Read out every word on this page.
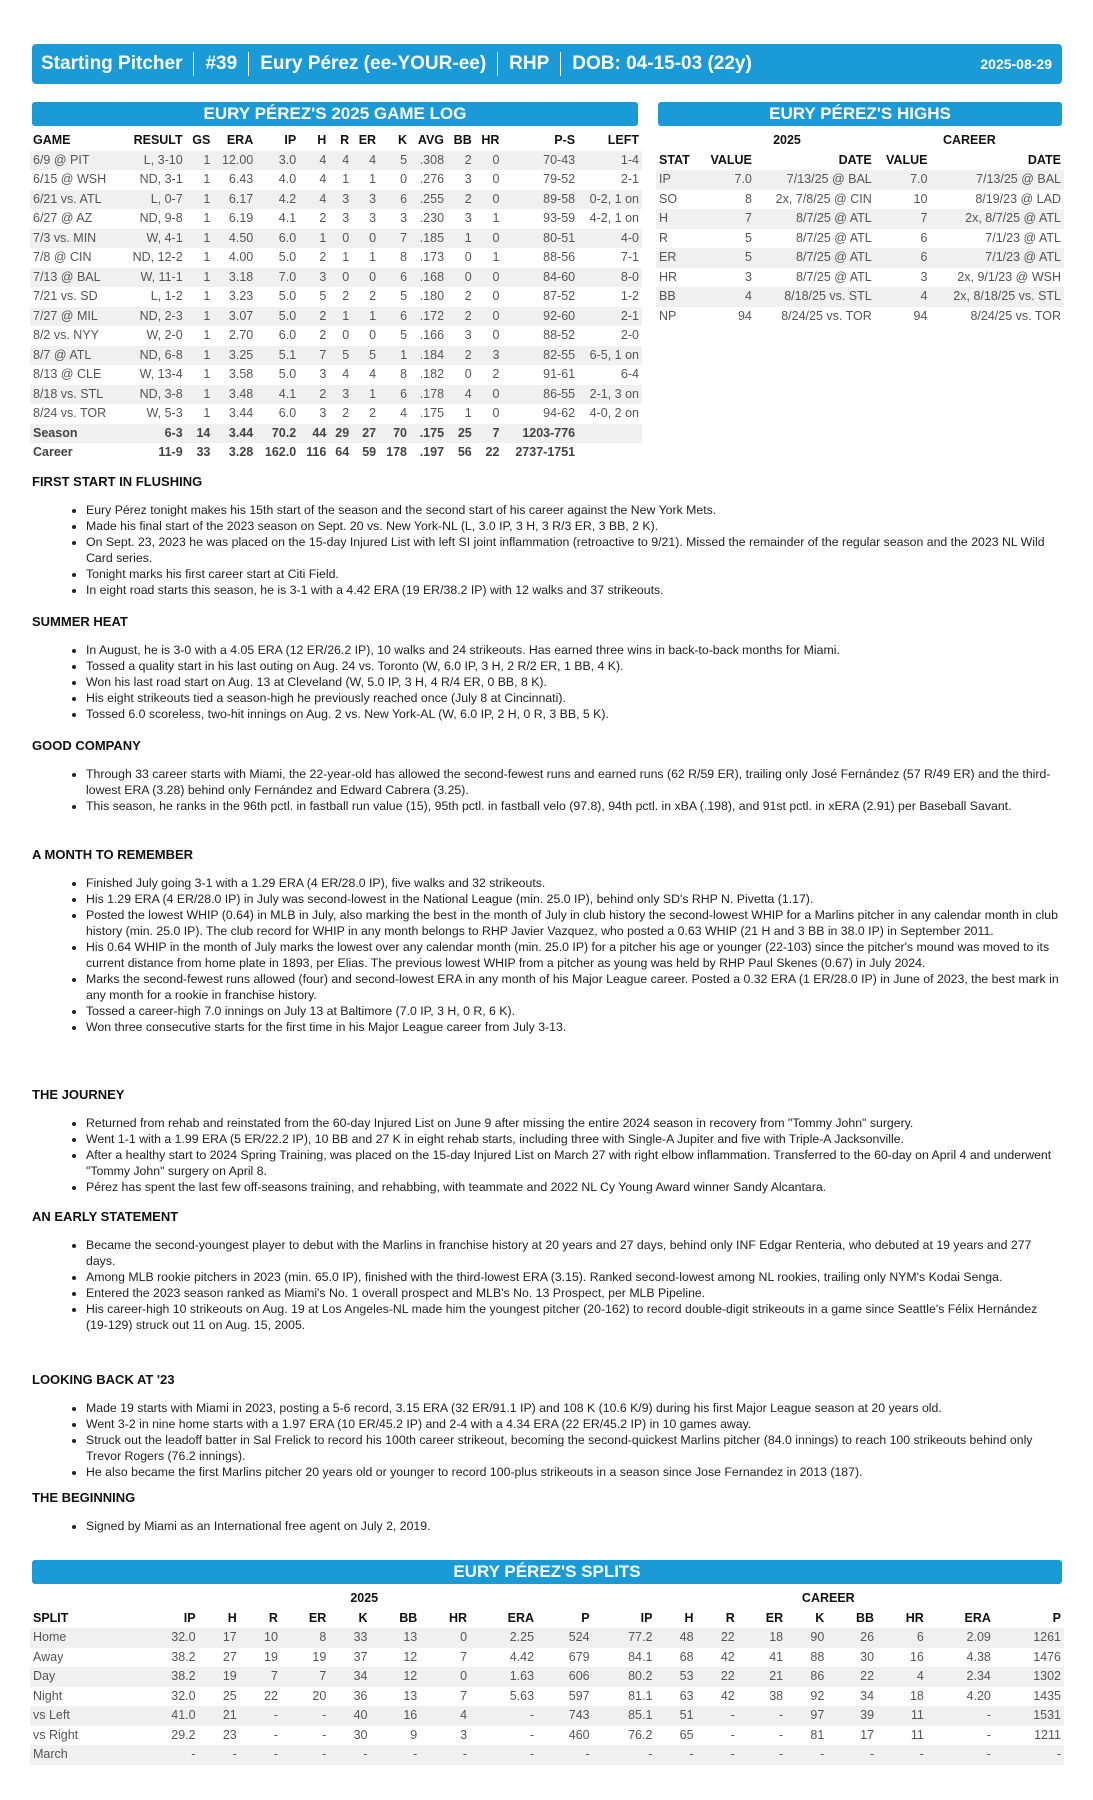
Starting Pitcher #39 Eury Pérez (ee-YOUR-ee) RHP DOB: 04-15-03 (22y)	2025-08-29
EURY PÉREZ'S 2025 GAME LOG
GAME	RESULT	GS	ERA	IP	H	R	ER	K	AVG	BB	HR	P-S	LEFT
6/9 @ PIT	L, 3-10	1	12.00	3.0	4	4	4	5	.308	2	0	70-43	1-4
6/15 @ WSH	ND, 3-1	1	6.43	4.0	4	1	1	0	.276	3	0	79-52	2-1
6/21 vs. ATL	L, 0-7	1	6.17	4.2	4	3	3	6	.255	2	0	89-58	0-2, 1 on
6/27 @ AZ	ND, 9-8	1	6.19	4.1	2	3	3	3	.230	3	1	93-59	4-2, 1 on
7/3 vs. MIN	W, 4-1	1	4.50	6.0	1	0	0	7	.185	1	0	80-51	4-0
7/8 @ CIN	ND, 12-2	1	4.00	5.0	2	1	1	8	.173	0	1	88-56	7-1
7/13 @ BAL	W, 11-1	1	3.18	7.0	3	0	0	6	.168	0	0	84-60	8-0
7/21 vs. SD	L, 1-2	1	3.23	5.0	5	2	2	5	.180	2	0	87-52	1-2
7/27 @ MIL	ND, 2-3	1	3.07	5.0	2	1	1	6	.172	2	0	92-60	2-1
8/2 vs. NYY	W, 2-0	1	2.70	6.0	2	0	0	5	.166	3	0	88-52	2-0
8/7 @ ATL	ND, 6-8	1	3.25	5.1	7	5	5	1	.184	2	3	82-55	6-5, 1 on
8/13 @ CLE	W, 13-4	1	3.58	5.0	3	4	4	8	.182	0	2	91-61	6-4
8/18 vs. STL	ND, 3-8	1	3.48	4.1	2	3	1	6	.178	4	0	86-55	2-1, 3 on
8/24 vs. TOR	W, 5-3	1	3.44	6.0	3	2	2	4	.175	1	0	94-62	4-0, 2 on
Season	6-3	14	3.44	70.2	44	29	27	70	.175	25	7	1203-776	
Career	11-9	33	3.28	162.0	116	64	59	178	.197	56	22	2737-1751	
EURY PÉREZ'S HIGHS
	2025		CAREER	
STAT	VALUE	DATE	VALUE	DATE
IP	7.0	7/13/25 @ BAL	7.0	7/13/25 @ BAL
SO	8	2x, 7/8/25 @ CIN	10	8/19/23 @ LAD
H	7	8/7/25 @ ATL	7	2x, 8/7/25 @ ATL
R	5	8/7/25 @ ATL	6	7/1/23 @ ATL
ER	5	8/7/25 @ ATL	6	7/1/23 @ ATL
HR	3	8/7/25 @ ATL	3	2x, 9/1/23 @ WSH
BB	4	8/18/25 vs. STL	4	2x, 8/18/25 vs. STL
NP	94	8/24/25 vs. TOR	94	8/24/25 vs. TOR
FIRST START IN FLUSHING
• Eury Pérez tonight makes his 15th start of the season and the second start of his career against the New York Mets.
• Made his final start of the 2023 season on Sept. 20 vs. New York-NL (L, 3.0 IP, 3 H, 3 R/3 ER, 3 BB, 2 K).
• On Sept. 23, 2023 he was placed on the 15-day Injured List with left SI joint inflammation (retroactive to 9/21). Missed the remainder of the regular season and the 2023 NL Wild Card series.
• Tonight marks his first career start at Citi Field.
• In eight road starts this season, he is 3-1 with a 4.42 ERA (19 ER/38.2 IP) with 12 walks and 37 strikeouts.
SUMMER HEAT
• In August, he is 3-0 with a 4.05 ERA (12 ER/26.2 IP), 10 walks and 24 strikeouts. Has earned three wins in back-to-back months for Miami.
• Tossed a quality start in his last outing on Aug. 24 vs. Toronto (W, 6.0 IP, 3 H, 2 R/2 ER, 1 BB, 4 K).
• Won his last road start on Aug. 13 at Cleveland (W, 5.0 IP, 3 H, 4 R/4 ER, 0 BB, 8 K).
• His eight strikeouts tied a season-high he previously reached once (July 8 at Cincinnati).
• Tossed 6.0 scoreless, two-hit innings on Aug. 2 vs. New York-AL (W, 6.0 IP, 2 H, 0 R, 3 BB, 5 K).
GOOD COMPANY
• Through 33 career starts with Miami, the 22-year-old has allowed the second-fewest runs and earned runs (62 R/59 ER), trailing only José Fernández (57 R/49 ER) and the third-lowest ERA (3.28) behind only Fernández and Edward Cabrera (3.25).
• This season, he ranks in the 96th pctl. in fastball run value (15), 95th pctl. in fastball velo (97.8), 94th pctl. in xBA (.198), and 91st pctl. in xERA (2.91) per Baseball Savant.
A MONTH TO REMEMBER
• Finished July going 3-1 with a 1.29 ERA (4 ER/28.0 IP), five walks and 32 strikeouts.
• His 1.29 ERA (4 ER/28.0 IP) in July was second-lowest in the National League (min. 25.0 IP), behind only SD's RHP N. Pivetta (1.17).
• Posted the lowest WHIP (0.64) in MLB in July, also marking the best in the month of July in club history the second-lowest WHIP for a Marlins pitcher in any calendar month in club history (min. 25.0 IP). The club record for WHIP in any month belongs to RHP Javier Vazquez, who posted a 0.63 WHIP (21 H and 3 BB in 38.0 IP) in September 2011.
• His 0.64 WHIP in the month of July marks the lowest over any calendar month (min. 25.0 IP) for a pitcher his age or younger (22-103) since the pitcher's mound was moved to its current distance from home plate in 1893, per Elias. The previous lowest WHIP from a pitcher as young was held by RHP Paul Skenes (0.67) in July 2024.
• Marks the second-fewest runs allowed (four) and second-lowest ERA in any month of his Major League career. Posted a 0.32 ERA (1 ER/28.0 IP) in June of 2023, the best mark in any month for a rookie in franchise history.
• Tossed a career-high 7.0 innings on July 13 at Baltimore (7.0 IP, 3 H, 0 R, 6 K).
• Won three consecutive starts for the first time in his Major League career from July 3-13.
THE JOURNEY
• Returned from rehab and reinstated from the 60-day Injured List on June 9 after missing the entire 2024 season in recovery from "Tommy John" surgery.
• Went 1-1 with a 1.99 ERA (5 ER/22.2 IP), 10 BB and 27 K in eight rehab starts, including three with Single-A Jupiter and five with Triple-A Jacksonville.
• After a healthy start to 2024 Spring Training, was placed on the 15-day Injured List on March 27 with right elbow inflammation. Transferred to the 60-day on April 4 and underwent "Tommy John" surgery on April 8.
• Pérez has spent the last few off-seasons training, and rehabbing, with teammate and 2022 NL Cy Young Award winner Sandy Alcantara.
AN EARLY STATEMENT
• Became the second-youngest player to debut with the Marlins in franchise history at 20 years and 27 days, behind only INF Edgar Renteria, who debuted at 19 years and 277 days.
• Among MLB rookie pitchers in 2023 (min. 65.0 IP), finished with the third-lowest ERA (3.15). Ranked second-lowest among NL rookies, trailing only NYM's Kodai Senga.
• Entered the 2023 season ranked as Miami's No. 1 overall prospect and MLB's No. 13 Prospect, per MLB Pipeline.
• His career-high 10 strikeouts on Aug. 19 at Los Angeles-NL made him the youngest pitcher (20-162) to record double-digit strikeouts in a game since Seattle's Félix Hernández (19-129) struck out 11 on Aug. 15, 2005.
LOOKING BACK AT '23
• Made 19 starts with Miami in 2023, posting a 5-6 record, 3.15 ERA (32 ER/91.1 IP) and 108 K (10.6 K/9) during his first Major League season at 20 years old.
• Went 3-2 in nine home starts with a 1.97 ERA (10 ER/45.2 IP) and 2-4 with a 4.34 ERA (22 ER/45.2 IP) in 10 games away.
• Struck out the leadoff batter in Sal Frelick to record his 100th career strikeout, becoming the second-quickest Marlins pitcher (84.0 innings) to reach 100 strikeouts behind only Trevor Rogers (76.2 innings).
• He also became the first Marlins pitcher 20 years old or younger to record 100-plus strikeouts in a season since Jose Fernandez in 2013 (187).
THE BEGINNING
• Signed by Miami as an International free agent on July 2, 2019.
EURY PÉREZ'S SPLITS
	2025									CAREER								
SPLIT	IP	H	R	ER	K	BB	HR	ERA	P	IP	H	R	ER	K	BB	HR	ERA	P
Home	32.0	17	10	8	33	13	0	2.25	524	77.2	48	22	18	90	26	6	2.09	1261
Away	38.2	27	19	19	37	12	7	4.42	679	84.1	68	42	41	88	30	16	4.38	1476
Day	38.2	19	7	7	34	12	0	1.63	606	80.2	53	22	21	86	22	4	2.34	1302
Night	32.0	25	22	20	36	13	7	5.63	597	81.1	63	42	38	92	34	18	4.20	1435
vs Left	41.0	21	-	-	40	16	4	-	743	85.1	51	-	-	97	39	11	-	1531
vs Right	29.2	23	-	-	30	9	3	-	460	76.2	65	-	-	81	17	11	-	1211
March	-	-	-	-	-	-	-	-	-	-	-	-	-	-	-	-	-	-
